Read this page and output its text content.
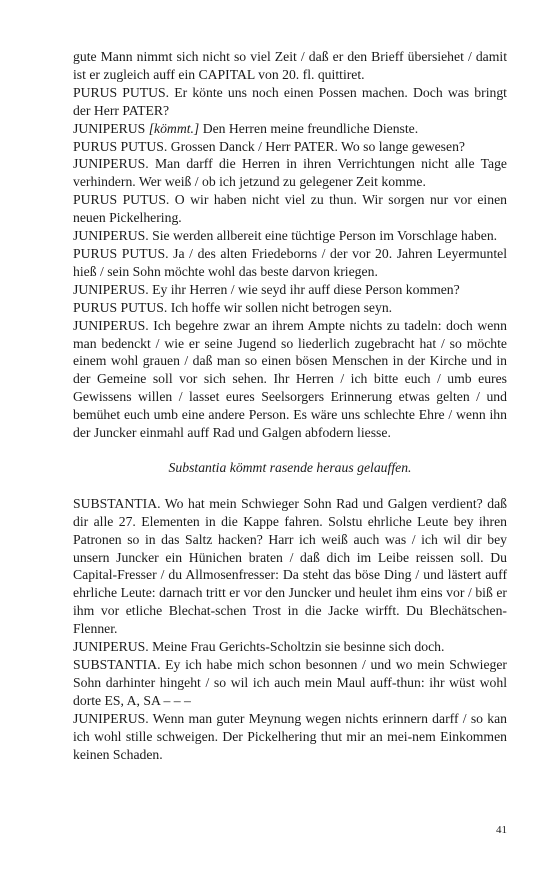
gute Mann nimmt sich nicht so viel Zeit / daß er den Brieff übersiehet / damit ist er zugleich auff ein CAPITAL von 20. fl. quittiret.

PURUS PUTUS. Er könte uns noch einen Possen machen. Doch was bringt der Herr PATER?

JUNIPERUS [kömmt.] Den Herren meine freundliche Dienste.

PURUS PUTUS. Grossen Danck / Herr PATER. Wo so lange gewesen?

JUNIPERUS. Man darff die Herren in ihren Verrichtungen nicht alle Tage verhindern. Wer weiß / ob ich jetzund zu gelegener Zeit komme.

PURUS PUTUS. O wir haben nicht viel zu thun. Wir sorgen nur vor einen neuen Pickelhering.

JUNIPERUS. Sie werden allbereit eine tüchtige Person im Vorschlage haben.

PURUS PUTUS. Ja / des alten Friedeborns / der vor 20. Jahren Leyermuntel hieß / sein Sohn möchte wohl das beste darvon kriegen.

JUNIPERUS. Ey ihr Herren / wie seyd ihr auff diese Person kommen?

PURUS PUTUS. Ich hoffe wir sollen nicht betrogen seyn.

JUNIPERUS. Ich begehre zwar an ihrem Ampte nichts zu tadeln: doch wenn man bedenckt / wie er seine Jugend so liederlich zugebracht hat / so möchte einem wohl grauen / daß man so einen bösen Menschen in der Kirche und in der Gemeine soll vor sich sehen. Ihr Herren / ich bitte euch / umb eures Gewissens willen / lasset eures Seelsorgers Erinnerung etwas gelten / und bemühet euch umb eine andere Person. Es wäre uns schlechte Ehre / wenn ihn der Juncker einmahl auff Rad und Galgen abfodern liesse.

Substantia kömmt rasende heraus gelauffen.

SUBSTANTIA. Wo hat mein Schwieger Sohn Rad und Galgen verdient? daß dir alle 27. Elementen in die Kappe fahren. Solstu ehrliche Leute bey ihren Patronen so in das Saltz hacken? Harr ich weiß auch was / ich wil dir bey unsern Juncker ein Hünichen braten / daß dich im Leibe reissen soll. Du Capital-Fresser / du Allmosenfresser: Da steht das böse Ding / und lästert auff ehrliche Leute: darnach tritt er vor den Juncker und heulet ihm eins vor / biß er ihm vor etliche Blechat-schen Trost in die Jacke wirfft. Du Blechätschen-Flenner.

JUNIPERUS. Meine Frau Gerichts-Scholtzin sie besinne sich doch.

SUBSTANTIA. Ey ich habe mich schon besonnen / und wo mein Schwieger Sohn darhinter hingeht / so wil ich auch mein Maul auff-thun: ihr wüst wohl dorte ES, A, SA – – –

JUNIPERUS. Wenn man guter Meynung wegen nichts erinnern darff / so kan ich wohl stille schweigen. Der Pickelhering thut mir an mei-nem Einkommen keinen Schaden.

41
